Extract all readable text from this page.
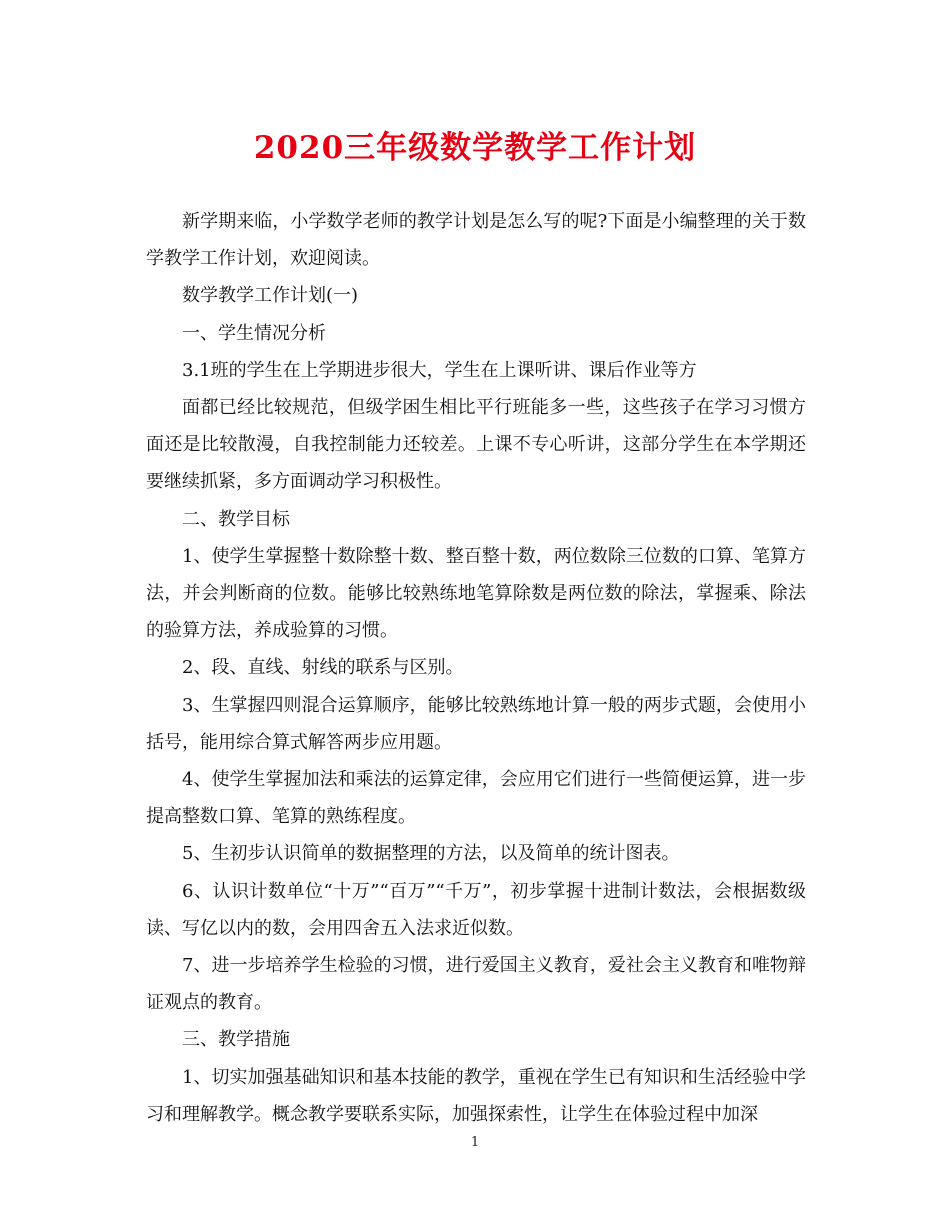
2020三年级数学教学工作计划

新学期来临，小学数学老师的教学计划是怎么写的呢?下面是小编整理的关于数学教学工作计划，欢迎阅读。

数学教学工作计划(一)

一、学生情况分析

3.1班的学生在上学期进步很大，学生在上课听讲、课后作业等方

面都已经比较规范，但级学困生相比平行班能多一些，这些孩子在学习习惯方面还是比较散漫，自我控制能力还较差。上课不专心听讲，这部分学生在本学期还要继续抓紧，多方面调动学习积极性。

二、教学目标

1、使学生掌握整十数除整十数、整百整十数，两位数除三位数的口算、笔算方法，并会判断商的位数。能够比较熟练地笔算除数是两位数的除法，掌握乘、除法的验算方法，养成验算的习惯。

2、段、直线、射线的联系与区别。

3、生掌握四则混合运算顺序，能够比较熟练地计算一般的两步式题，会使用小括号，能用综合算式解答两步应用题。

4、使学生掌握加法和乘法的运算定律，会应用它们进行一些简便运算，进一步提高整数口算、笔算的熟练程度。

5、生初步认识简单的数据整理的方法，以及简单的统计图表。

6、认识计数单位“十万”“百万”“千万”，初步掌握十进制计数法，会根据数级读、写亿以内的数，会用四舍五入法求近似数。

7、进一步培养学生检验的习惯，进行爱国主义教育，爱社会主义教育和唯物辩证观点的教育。

三、教学措施

1、切实加强基础知识和基本技能的教学，重视在学生已有知识和生活经验中学习和理解教学。概念教学要联系实际，加强探索性，让学生在体验过程中加深

1
